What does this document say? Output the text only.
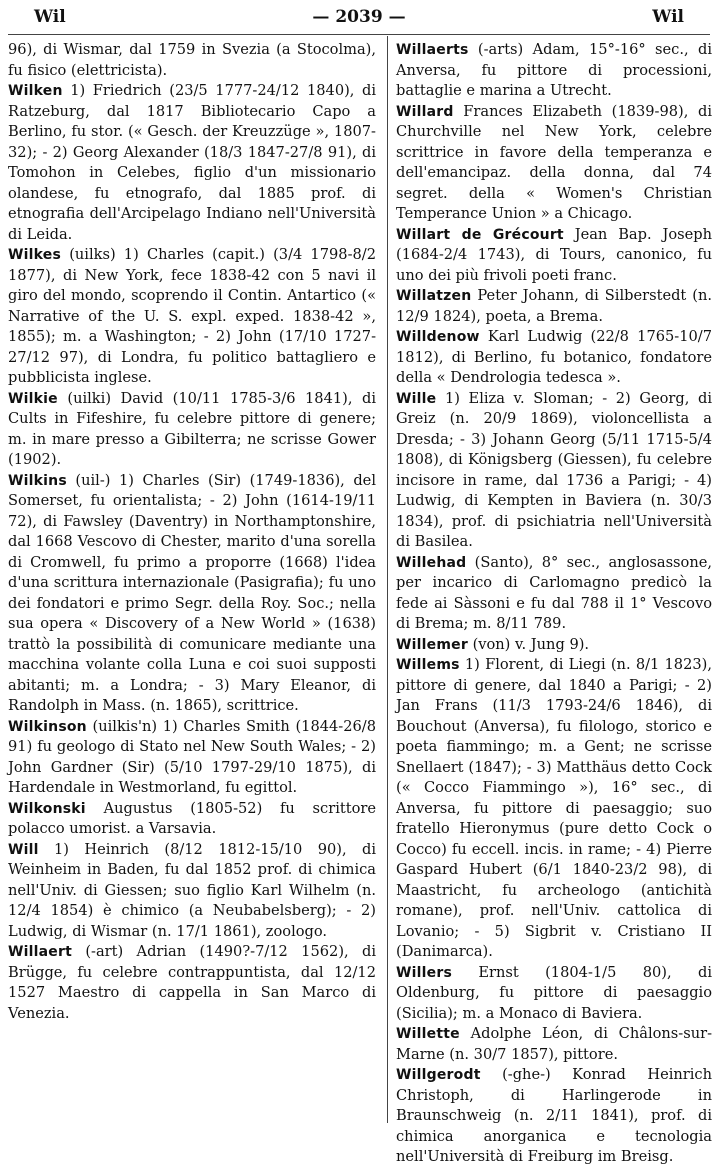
Wil	— 2039 —	Wil

96), di Wismar, dal 1759 in Svezia (a Stocolma), fu fisico (elettricista).

Wilken 1) Friedrich (23/5 1777-24/12 1840), di Ratzeburg, dal 1817 Bibliotecario Capo a Berlino, fu stor. (« Gesch. der Kreuzzüge », 1807-32); - 2) Georg Alexander (18/3 1847-27/8 91), di Tomohon in Celebes, figlio d'un missionario olandese, fu etnografo, dal 1885 prof. di etnografia dell'Arcipelago Indiano nell'Università di Leida.

Wilkes (uilks) 1) Charles (capit.) (3/4 1798-8/2 1877), di New York, fece 1838-42 con 5 navi il giro del mondo, scoprendo il Contin. Antartico (« Narrative of the U. S. expl. exped. 1838-42 », 1855); m. a Washington; - 2) John (17/10 1727-27/12 97), di Londra, fu politico battagliero e pubblicista inglese.

Wilkie (uilki) David (10/11 1785-3/6 1841), di Cults in Fifeshire, fu celebre pittore di genere; m. in mare presso a Gibilterra; ne scrisse Gower (1902).

Wilkins (uil-) 1) Charles (Sir) (1749-1836), del Somerset, fu orientalista; - 2) John (1614-19/11 72), di Fawsley (Daventry) in Northamptonshire, dal 1668 Vescovo di Chester, marito d'una sorella di Cromwell, fu primo a proporre (1668) l'idea d'una scrittura internazionale (Pasigrafia); fu uno dei fondatori e primo Segr. della Roy. Soc.; nella sua opera « Discovery of a New World » (1638) trattò la possibilità di comunicare mediante una macchina volante colla Luna e coi suoi supposti abitanti; m. a Londra; - 3) Mary Eleanor, di Randolph in Mass. (n. 1865), scrittrice.

Wilkinson (uilkis'n) 1) Charles Smith (1844-26/8 91) fu geologo di Stato nel New South Wales; - 2) John Gardner (Sir) (5/10 1797-29/10 1875), di Hardendale in Westmorland, fu egittol.

Wilkonski Augustus (1805-52) fu scrittore polacco umorist. a Varsavia.

Will 1) Heinrich (8/12 1812-15/10 90), di Weinheim in Baden, fu dal 1852 prof. di chimica nell'Univ. di Giessen; suo figlio Karl Wilhelm (n. 12/4 1854) è chimico (a Neubabelsberg); - 2) Ludwig, di Wismar (n. 17/1 1861), zoologo.

Willaert (-art) Adrian (1490?-7/12 1562), di Brügge, fu celebre contrappuntista, dal 12/12 1527 Maestro di cappella in San Marco di Venezia.

Willaerts (-arts) Adam, 15°-16° sec., di Anversa, fu pittore di processioni, battaglie e marina a Utrecht.

Willard Frances Elizabeth (1839-98), di Churchville nel New York, celebre scrittrice in favore della temperanza e dell'emancipaz. della donna, dal 74 segret. della « Women's Christian Temperance Union » a Chicago.

Willart de Grécourt Jean Bap. Joseph (1684-2/4 1743), di Tours, canonico, fu uno dei più frivoli poeti franc.

Willatzen Peter Johann, di Silberstedt (n. 12/9 1824), poeta, a Brema.

Willdenow Karl Ludwig (22/8 1765-10/7 1812), di Berlino, fu botanico, fondatore della « Dendrologia tedesca ».

Wille 1) Eliza v. Sloman; - 2) Georg, di Greiz (n. 20/9 1869), violoncellista a Dresda; - 3) Johann Georg (5/11 1715-5/4 1808), di Königsberg (Giessen), fu celebre incisore in rame, dal 1736 a Parigi; - 4) Ludwig, di Kempten in Baviera (n. 30/3 1834), prof. di psichiatria nell'Università di Basilea.

Willehad (Santo), 8° sec., anglosassone, per incarico di Carlomagno predicò la fede ai Sàssoni e fu dal 788 il 1° Vescovo di Brema; m. 8/11 789.

Willemer (von) v. Jung 9).

Willems 1) Florent, di Liegi (n. 8/1 1823), pittore di genere, dal 1840 a Parigi; - 2) Jan Frans (11/3 1793-24/6 1846), di Bouchout (Anversa), fu filologo, storico e poeta fiammingo; m. a Gent; ne scrisse Snellaert (1847); - 3) Matthäus detto Cock (« Cocco Fiammingo »), 16° sec., di Anversa, fu pittore di paesaggio; suo fratello Hieronymus (pure detto Cock o Cocco) fu eccell. incis. in rame; - 4) Pierre Gaspard Hubert (6/1 1840-23/2 98), di Maastricht, fu archeologo (antichità romane), prof. nell'Univ. cattolica di Lovanio; - 5) Sigbrit v. Cristiano II (Danimarca).

Willers Ernst (1804-1/5 80), di Oldenburg, fu pittore di paesaggio (Sicilia); m. a Monaco di Baviera.

Willette Adolphe Léon, di Châlons-sur-Marne (n. 30/7 1857), pittore.

Willgerodt (-ghe-) Konrad Heinrich Christoph, di Harlingerode in Braunschweig (n. 2/11 1841), prof. di chimica anorganica e tecnologia nell'Università di Freiburg im Breisg.
